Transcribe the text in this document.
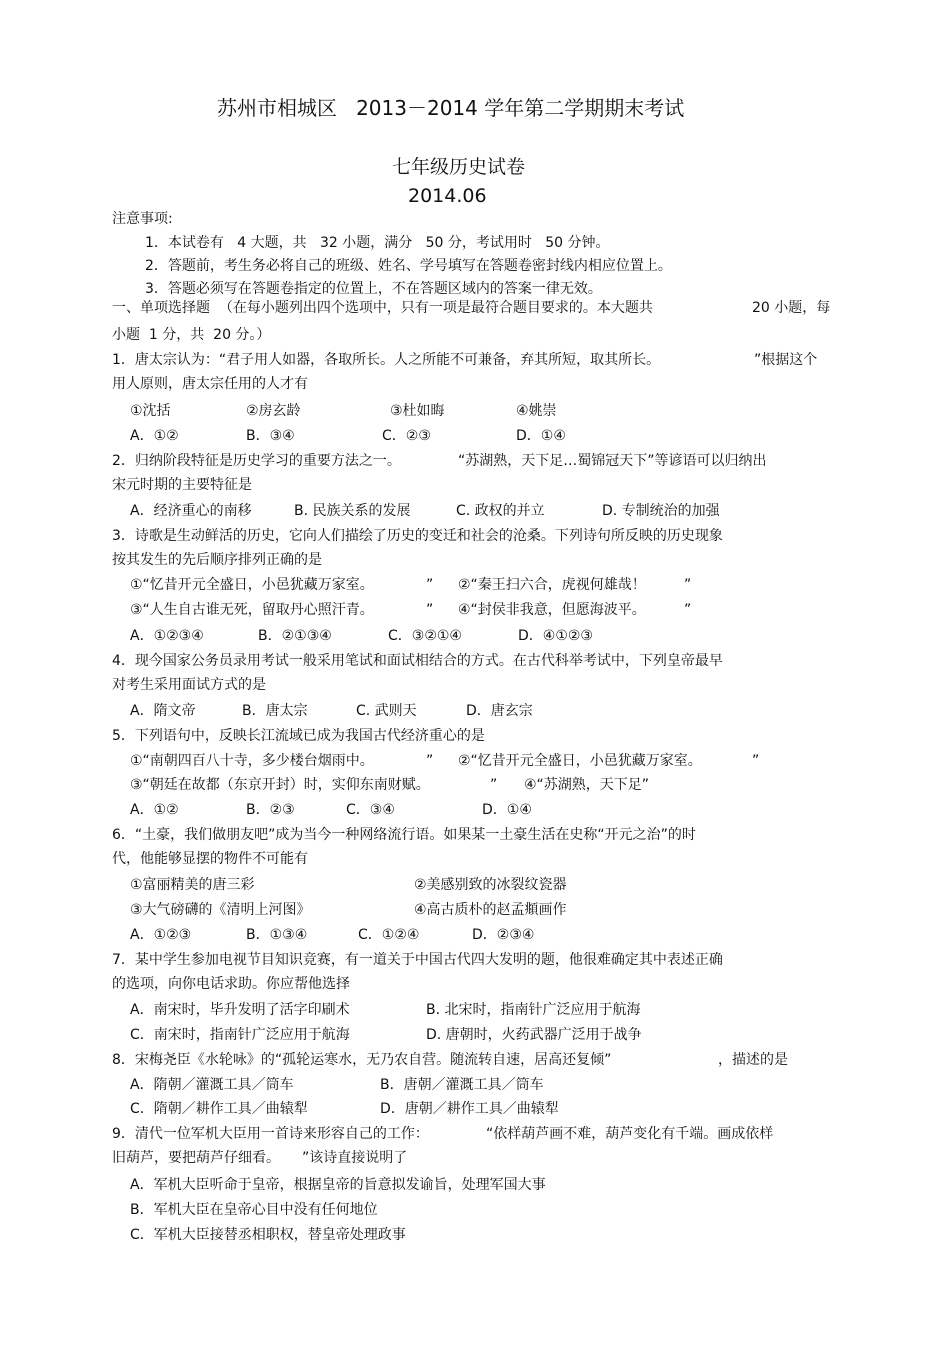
苏州市相城区   2013－2014 学年第二学期期末考试
七年级历史试卷
2014.06
注意事项:
1．本试卷有   4 大题，共   32 小题，满分   50 分，考试用时   50 分钟。
2．答题前，考生务必将自己的班级、姓名、学号填写在答题卷密封线内相应位置上。
3．答题必须写在答题卷指定的位置上，不在答题区域内的答案一律无效。
一、单项选择题  （在每小题列出四个选项中，只有一项是最符合题目要求的。本大题共	20 小题，每
小题  1 分，共  20 分。）
1．唐太宗认为：“君子用人如器，各取所长。人之所能不可兼备，弃其所短，取其所长。	”根据这个
用人原则，唐太宗任用的人才有
①沈括	②房玄龄	③杜如晦	④姚崇
A．①②	B．③④	C．②③	D．①④
2．归纳阶段特征是历史学习的重要方法之一。	“苏湖熟，天下足…蜀锦冠天下”等谚语可以归纳出
宋元时期的主要特征是
A．经济重心的南移	B. 民族关系的发展	C. 政权的并立	D. 专制统治的加强
3．诗歌是生动鲜活的历史，它向人们描绘了历史的变迁和社会的沧桑。下列诗句所反映的历史现象
按其发生的先后顺序排列正确的是
①“忆昔开元全盛日，小邑犹藏万家室。	” ②“秦王扫六合，虎视何雄哉！	”
③“人生自古谁无死，留取丹心照汗青。	” ④“封侯非我意，但愿海波平。	”
A．①②③④	B．②①③④	C．③②①④	D．④①②③
4．现今国家公务员录用考试一般采用笔试和面试相结合的方式。在古代科举考试中，下列皇帝最早
对考生采用面试方式的是
A．隋文帝	B．唐太宗	C. 武则天	D．唐玄宗
5．下列语句中，反映长江流域已成为我国古代经济重心的是
①“南朝四百八十寺，多少楼台烟雨中。	” ②“忆昔开元全盛日，小邑犹藏万家室。	”
③“朝廷在故都（东京开封）时，实仰东南财赋。	” ④“苏湖熟，天下足”
A．①②	B．②③	C．③④	D．①④
6．“土豪，我们做朋友吧”成为当今一种网络流行语。如果某一土豪生活在史称“开元之治”的时
代，他能够显摆的物件不可能有
①富丽精美的唐三彩	②美感别致的冰裂纹瓷器
③大气磅礴的《清明上河图》	④高古质朴的赵孟頫画作
A．①②③	B．①③④	C．①②④	D．②③④
7．某中学生参加电视节目知识竞赛，有一道关于中国古代四大发明的题，他很难确定其中表述正确
的选项，向你电话求助。你应帮他选择
A．南宋时，毕升发明了活字印刷术	B. 北宋时，指南针广泛应用于航海
C．南宋时，指南针广泛应用于航海	D. 唐朝时，火药武器广泛用于战争
8．宋梅尧臣《水轮咏》的“孤轮运寒水，无乃农自营。随流转自速，居高还复倾”	，描述的是
A．隋朝／灌溉工具／筒车	B．唐朝／灌溉工具／筒车
C．隋朝／耕作工具／曲辕犁	D．唐朝／耕作工具／曲辕犁
9．清代一位军机大臣用一首诗来形容自己的工作：	“依样葫芦画不难，葫芦变化有千端。画成依样
旧葫芦，要把葫芦仔细看。 ”该诗直接说明了
A．军机大臣听命于皇帝，根据皇帝的旨意拟发谕旨，处理军国大事
B．军机大臣在皇帝心目中没有任何地位
C．军机大臣接替丞相职权，替皇帝处理政事
